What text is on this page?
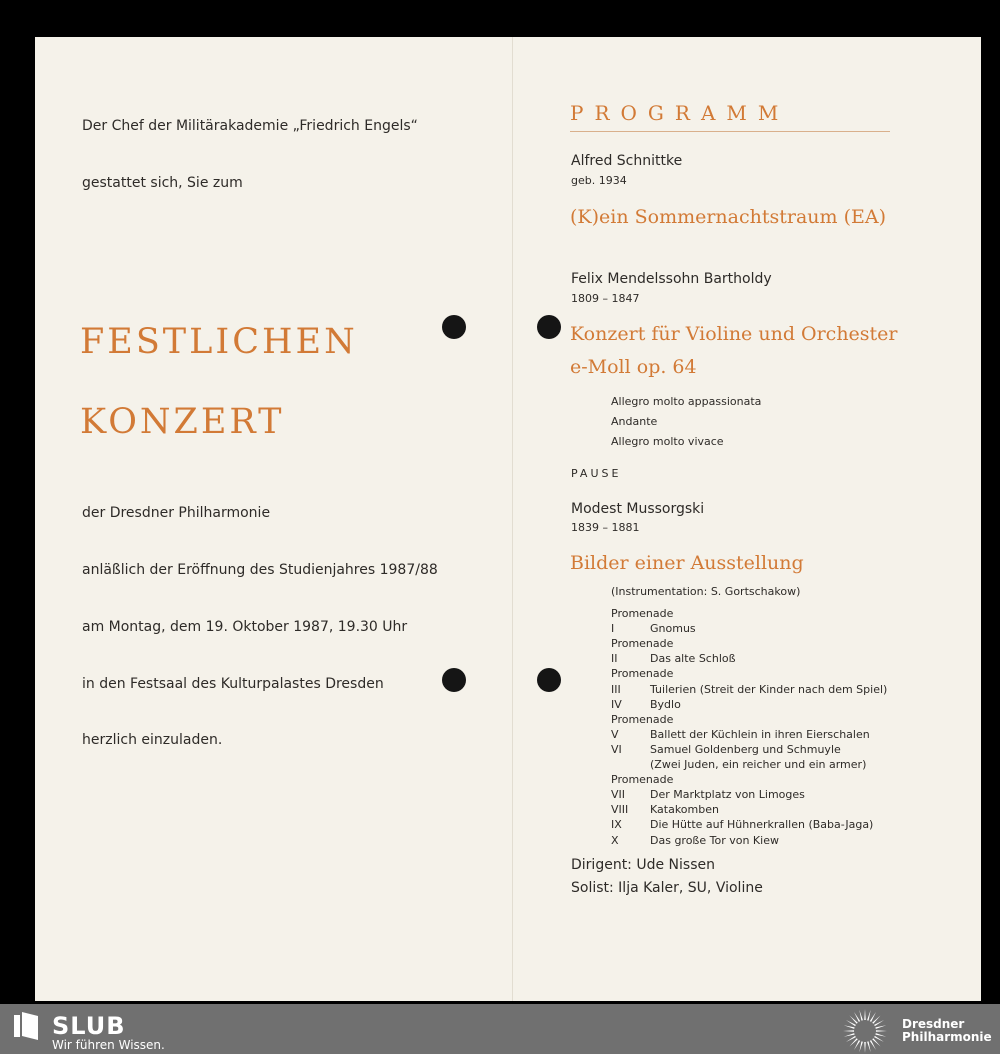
Der Chef der Militärakademie „Friedrich Engels“
gestattet sich, Sie zum
FESTLICHEN
KONZERT
der Dresdner Philharmonie
anläßlich der Eröffnung des Studienjahres 1987/88
am Montag, dem 19. Oktober 1987, 19.30 Uhr
in den Festsaal des Kulturpalastes Dresden
herzlich einzuladen.
PROGRAMM
Alfred Schnittke
geb. 1934
(K)ein Sommernachtstraum (EA)
Felix Mendelssohn Bartholdy
1809 – 1847
Konzert für Violine und Orchester
e-Moll op. 64
Allegro molto appassionata
Andante
Allegro molto vivace
PAUSE
Modest Mussorgski
1839 – 1881
Bilder einer Ausstellung
(Instrumentation: S. Gortschakow)
Promenade
I	Gnomus
Promenade
II	Das alte Schloß
Promenade
III	Tuilerien (Streit der Kinder nach dem Spiel)
IV	Bydlo
Promenade
V	Ballett der Küchlein in ihren Eierschalen
VI	Samuel Goldenberg und Schmuyle
(Zwei Juden, ein reicher und ein armer)
Promenade
VII Der Marktplatz von Limoges
VIII Katakomben
IX	Die Hütte auf Hühnerkrallen (Baba-Jaga)
X	Das große Tor von Kiew
Dirigent: Ude Nissen
Solist: Ilja Kaler, SU, Violine
SLUB
Wir führen Wissen.
Dresdner
Philharmonie
